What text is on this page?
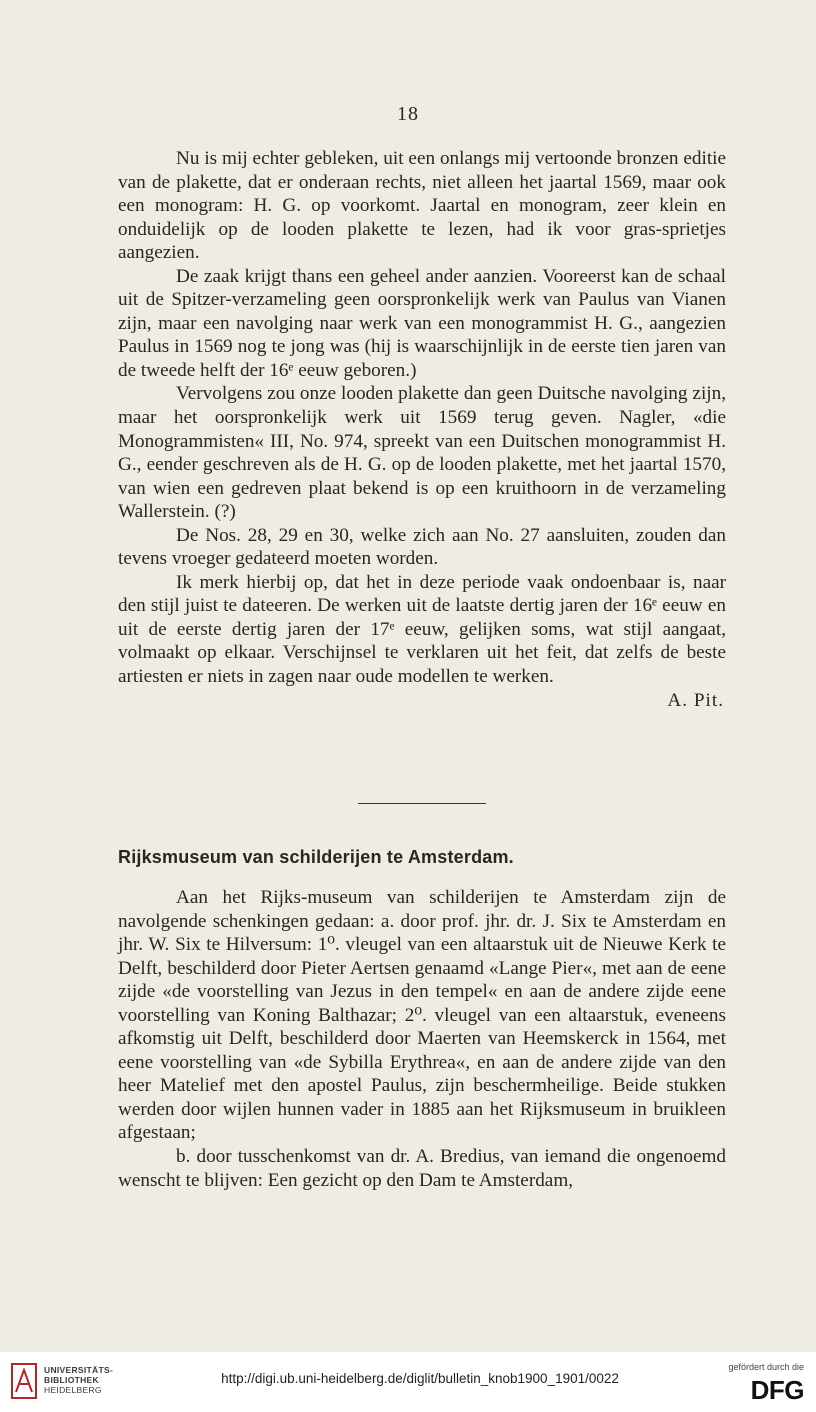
18

Nu is mij echter gebleken, uit een onlangs mij vertoonde bronzen editie van de plakette, dat er onderaan rechts, niet alleen het jaartal 1569, maar ook een monogram: H. G. op voorkomt. Jaartal en monogram, zeer klein en onduidelijk op de looden plakette te lezen, had ik voor gras-sprietjes aangezien.

De zaak krijgt thans een geheel ander aanzien. Vooreerst kan de schaal uit de Spitzer-verzameling geen oorspronkelijk werk van Paulus van Vianen zijn, maar een navolging naar werk van een monogrammist H. G., aangezien Paulus in 1569 nog te jong was (hij is waarschijnlijk in de eerste tien jaren van de tweede helft der 16ᵉ eeuw geboren.)

Vervolgens zou onze looden plakette dan geen Duitsche navolging zijn, maar het oorspronkelijk werk uit 1569 terug geven. Nagler, «die Monogrammisten« III, No. 974, spreekt van een Duitschen monogrammist H. G., eender geschreven als de H. G. op de looden plakette, met het jaartal 1570, van wien een gedreven plaat bekend is op een kruithoorn in de verzameling Wallerstein. (?)

De Nos. 28, 29 en 30, welke zich aan No. 27 aansluiten, zouden dan tevens vroeger gedateerd moeten worden.

Ik merk hierbij op, dat het in deze periode vaak ondoenbaar is, naar den stijl juist te dateeren. De werken uit de laatste dertig jaren der 16ᵉ eeuw en uit de eerste dertig jaren der 17ᵉ eeuw, gelijken soms, wat stijl aangaat, volmaakt op elkaar. Verschijnsel te verklaren uit het feit, dat zelfs de beste artiesten er niets in zagen naar oude modellen te werken.

A. Pit.

Rijksmuseum van schilderijen te Amsterdam.

Aan het Rijks-museum van schilderijen te Amsterdam zijn de navolgende schenkingen gedaan: a. door prof. jhr. dr. J. Six te Amsterdam en jhr. W. Six te Hilversum: 1⁰. vleugel van een altaarstuk uit de Nieuwe Kerk te Delft, beschilderd door Pieter Aertsen genaamd «Lange Pier«, met aan de eene zijde «de voorstelling van Jezus in den tempel« en aan de andere zijde eene voorstelling van Koning Balthazar; 2⁰. vleugel van een altaarstuk, eveneens afkomstig uit Delft, beschilderd door Maerten van Heemskerck in 1564, met eene voorstelling van «de Sybilla Erythrea«, en aan de andere zijde van den heer Matelief met den apostel Paulus, zijn beschermheilige. Beide stukken werden door wijlen hunnen vader in 1885 aan het Rijksmuseum in bruikleen afgestaan;

b. door tusschenkomst van dr. A. Bredius, van iemand die ongenoemd wenscht te blijven: Een gezicht op den Dam te Amsterdam,

UNIVERSITÄTS-
BIBLIOTHEK
HEIDELBERG
http://digi.ub.uni-heidelberg.de/diglit/bulletin_knob1900_1901/0022
gefördert durch die
DFG
